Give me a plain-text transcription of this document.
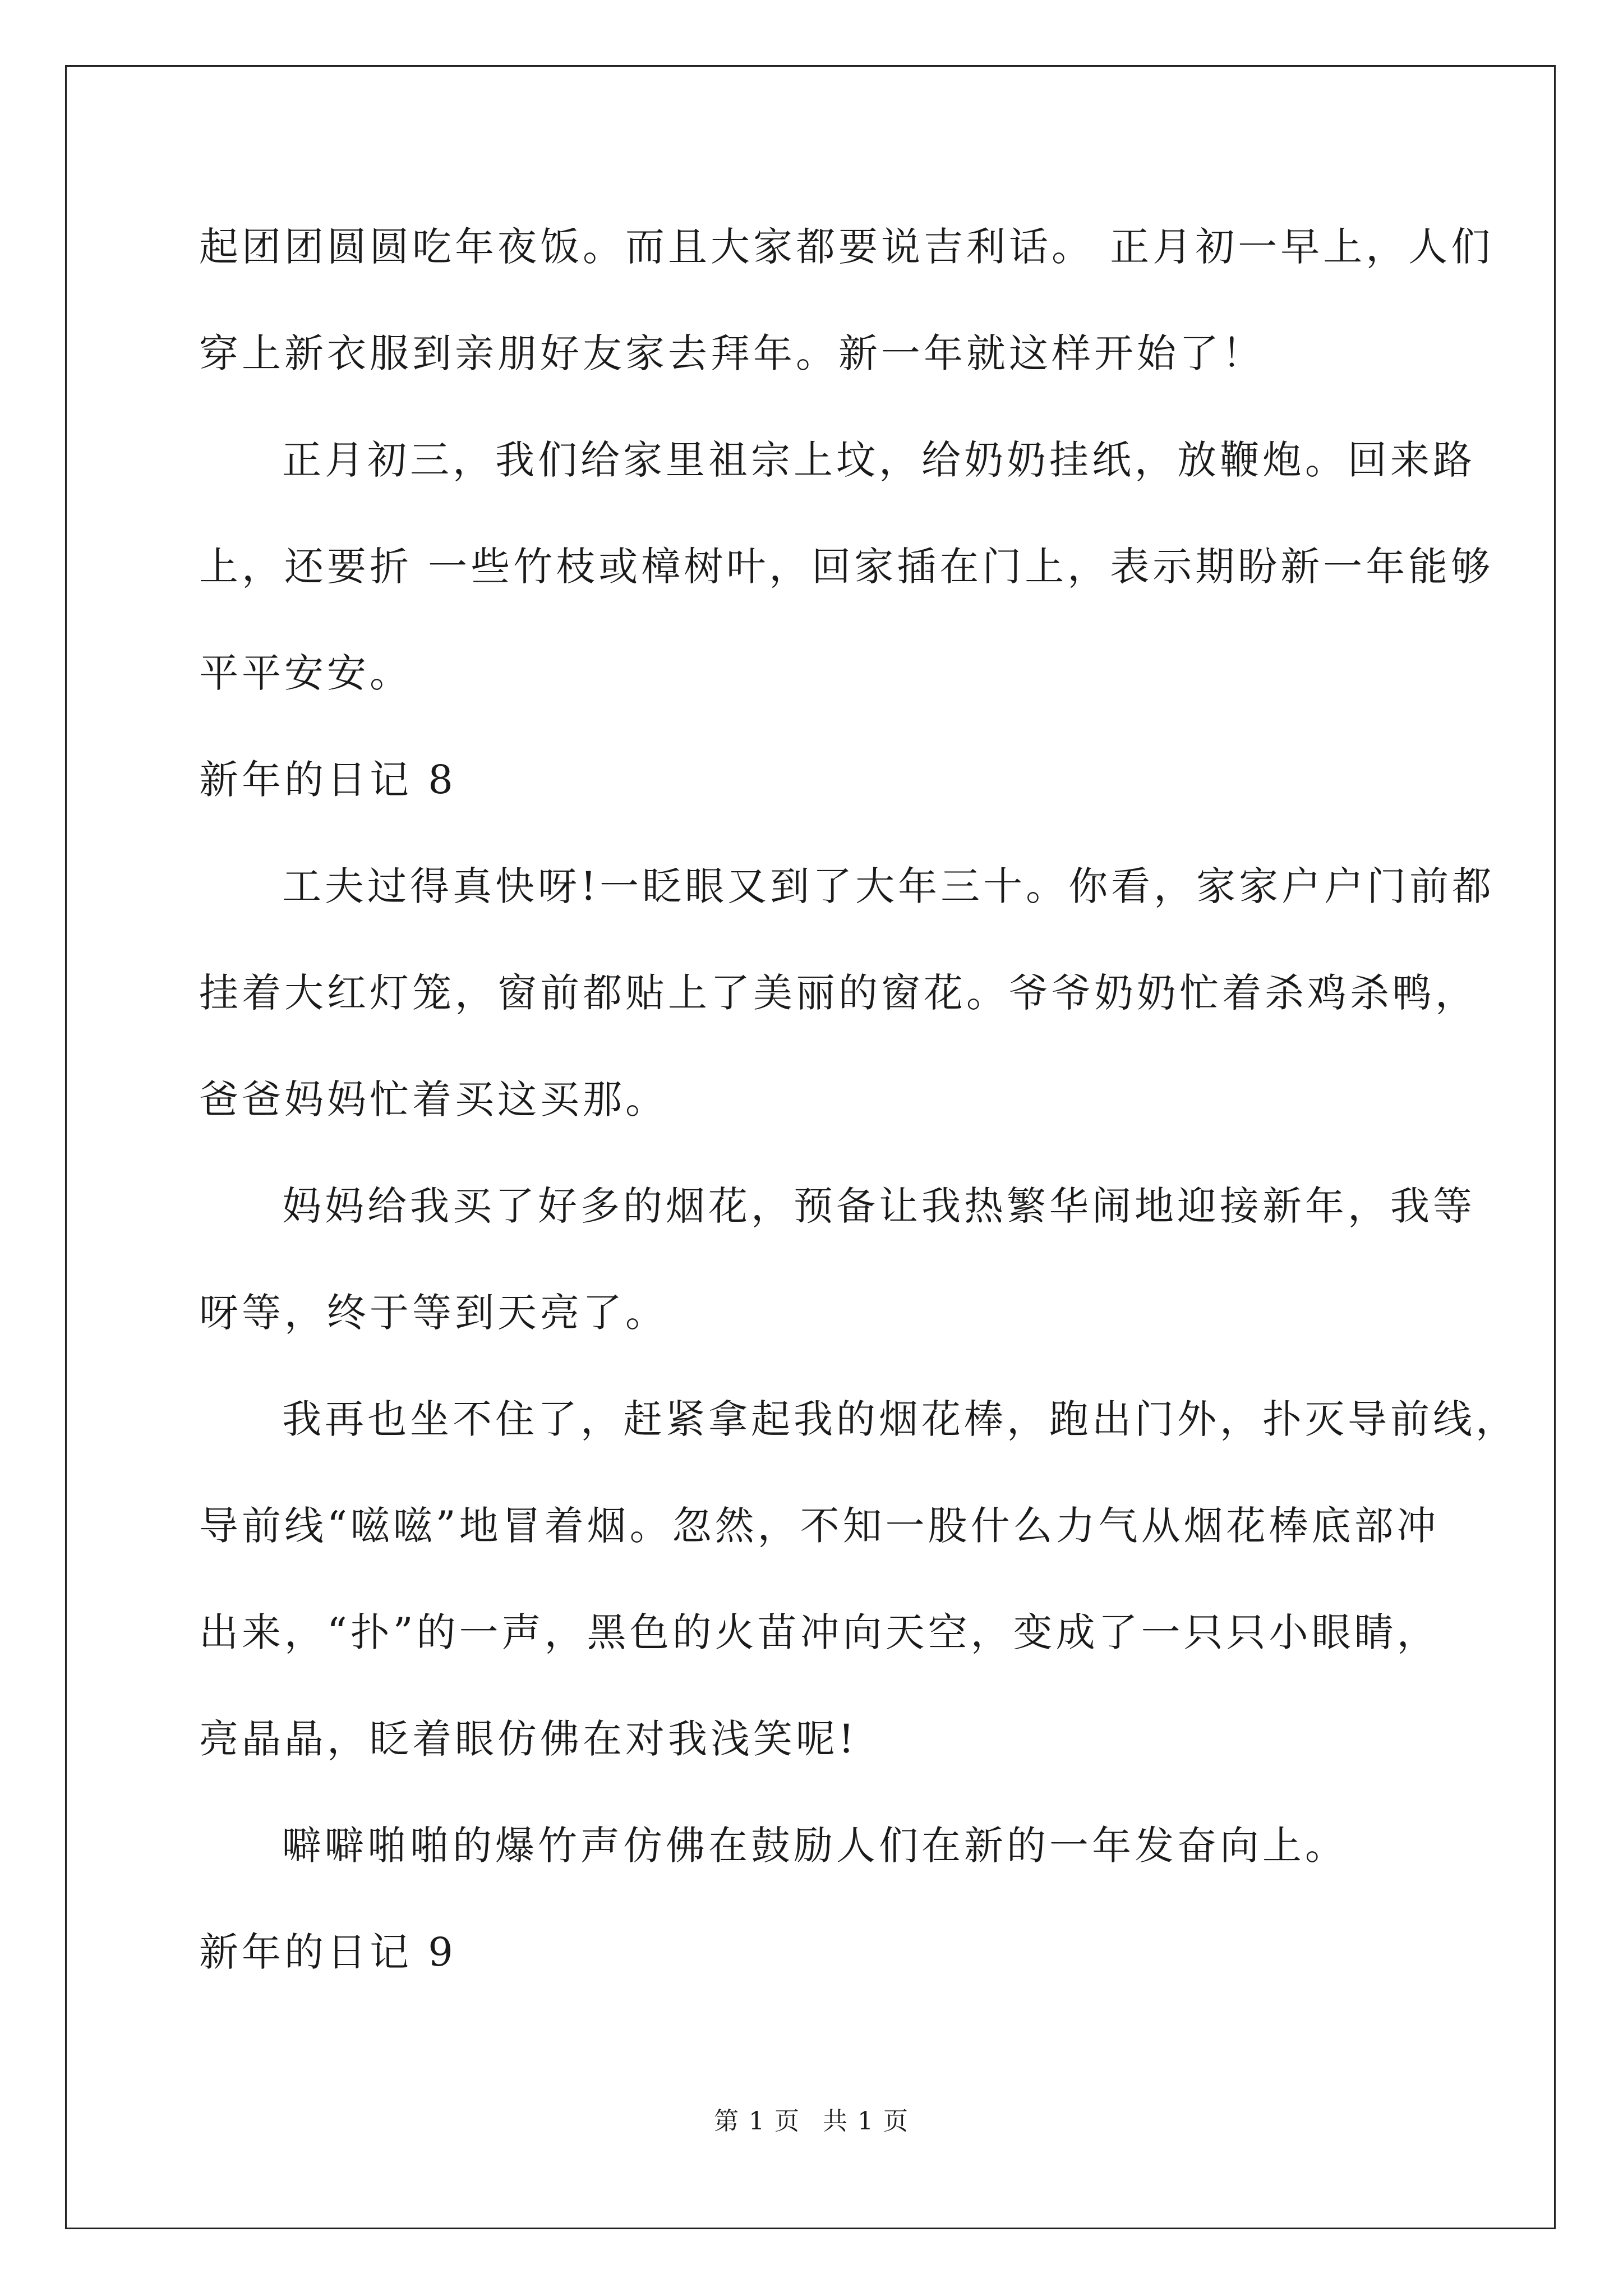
起团团圆圆吃年夜饭。而且大家都要说吉利话。 正月初一早上，人们
穿上新衣服到亲朋好友家去拜年。新一年就这样开始了！
正月初三，我们给家里祖宗上坟，给奶奶挂纸，放鞭炮。回来路
上，还要折 一些竹枝或樟树叶，回家插在门上，表示期盼新一年能够
平平安安。
新年的日记 8
工夫过得真快呀!一眨眼又到了大年三十。你看，家家户户门前都
挂着大红灯笼，窗前都贴上了美丽的窗花。爷爷奶奶忙着杀鸡杀鸭，
爸爸妈妈忙着买这买那。
妈妈给我买了好多的烟花，预备让我热繁华闹地迎接新年，我等
呀等，终于等到天亮了。
我再也坐不住了，赶紧拿起我的烟花棒，跑出门外，扑灭导前线，
导前线“嗞嗞”地冒着烟。忽然，不知一股什么力气从烟花棒底部冲
出来，“扑”的一声，黑色的火苗冲向天空，变成了一只只小眼睛，
亮晶晶，眨着眼仿佛在对我浅笑呢!
噼噼啪啪的爆竹声仿佛在鼓励人们在新的一年发奋向上。
新年的日记 9
第 1 页 共 1 页
